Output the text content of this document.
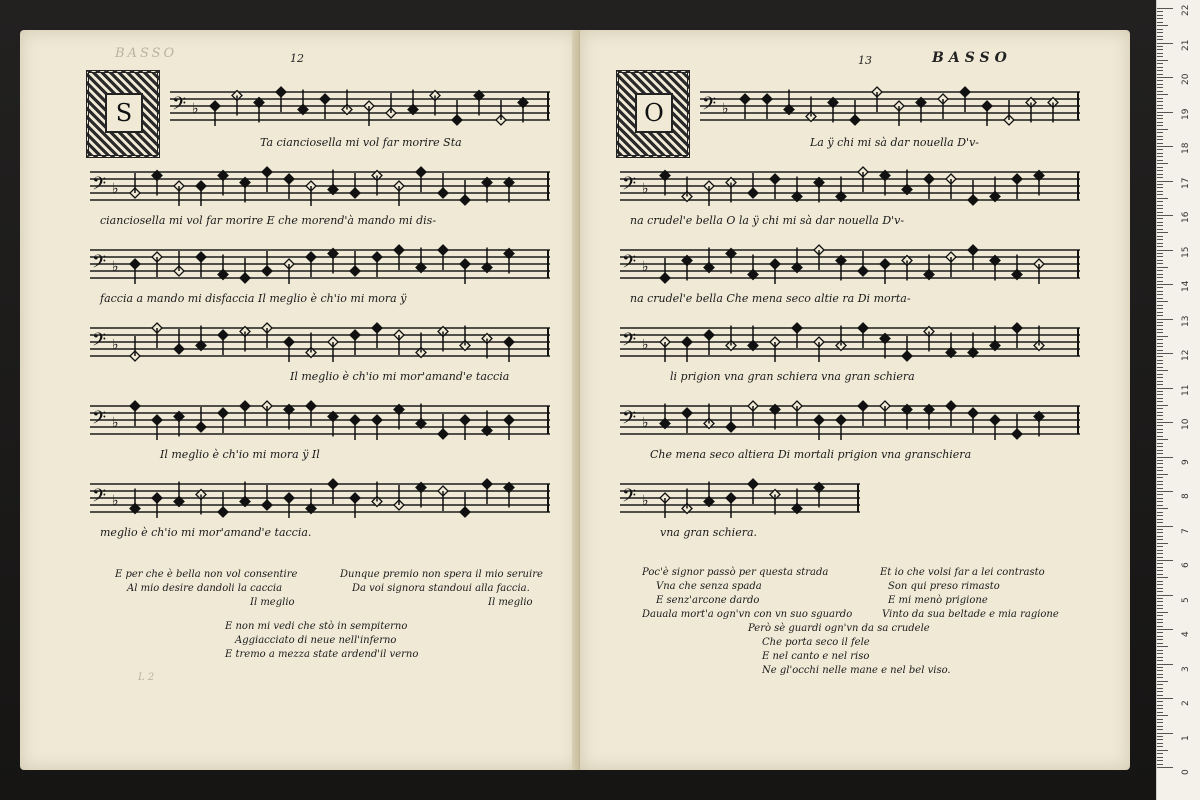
BASSO	12
S	𝄢 ♭
Ta cianciosella mi vol far morire Sta
𝄢 ♭
cianciosella mi vol far morire E che morend'à mando mi dis-
𝄢 ♭
faccia a mando mi disfaccia Il meglio è ch'io mi mora ÿ
𝄢 ♭
Il meglio è ch'io mi mor'amand'e taccia
𝄢 ♭
Il meglio è ch'io mi mora ÿ Il
𝄢 ♭
meglio è ch'io mi mor'amand'e taccia.
E per che è bella non vol consentire
Al mio desire dandoli la caccia
Il meglio
Dunque premio non spera il mio seruire
Da voi signora standoui alla faccia.
Il meglio
E non mi vedi che stò in sempiterno
Aggiacciato di neue nell'inferno
E tremo a mezza state ardend'il verno
L 2
13	BASSO
O	𝄢 ♭
La ÿ chi mi sà dar nouella D'v-
𝄢 ♭
na crudel'e bella O la ÿ chi mi sà dar nouella D'v-
𝄢 ♭
na crudel'e bella Che mena seco altie ra Di morta-
𝄢 ♭
li prigion vna gran schiera vna gran schiera
𝄢 ♭
Che mena seco altiera Di mortali prigion vna granschiera
𝄢 ♭
vna gran schiera.
Poc'è signor passò per questa strada
Vna che senza spada
E senz'arcone dardo
Dauala mort'a ogn'vn con vn suo sguardo
Et io che volsi far a lei contrasto
Son qui preso rimasto
E mi menò prigione
Vinto da sua beltade e mia ragione
Però sè guardi ogn'vn da sa crudele
Che porta seco il fele
E nel canto e nel riso
Ne gl'occhi nelle mane e nel bel viso.
22
21
20
19
18
17
16
15
14
13
12
11
10
9
8
7
6
5
4
3
2
1
0
